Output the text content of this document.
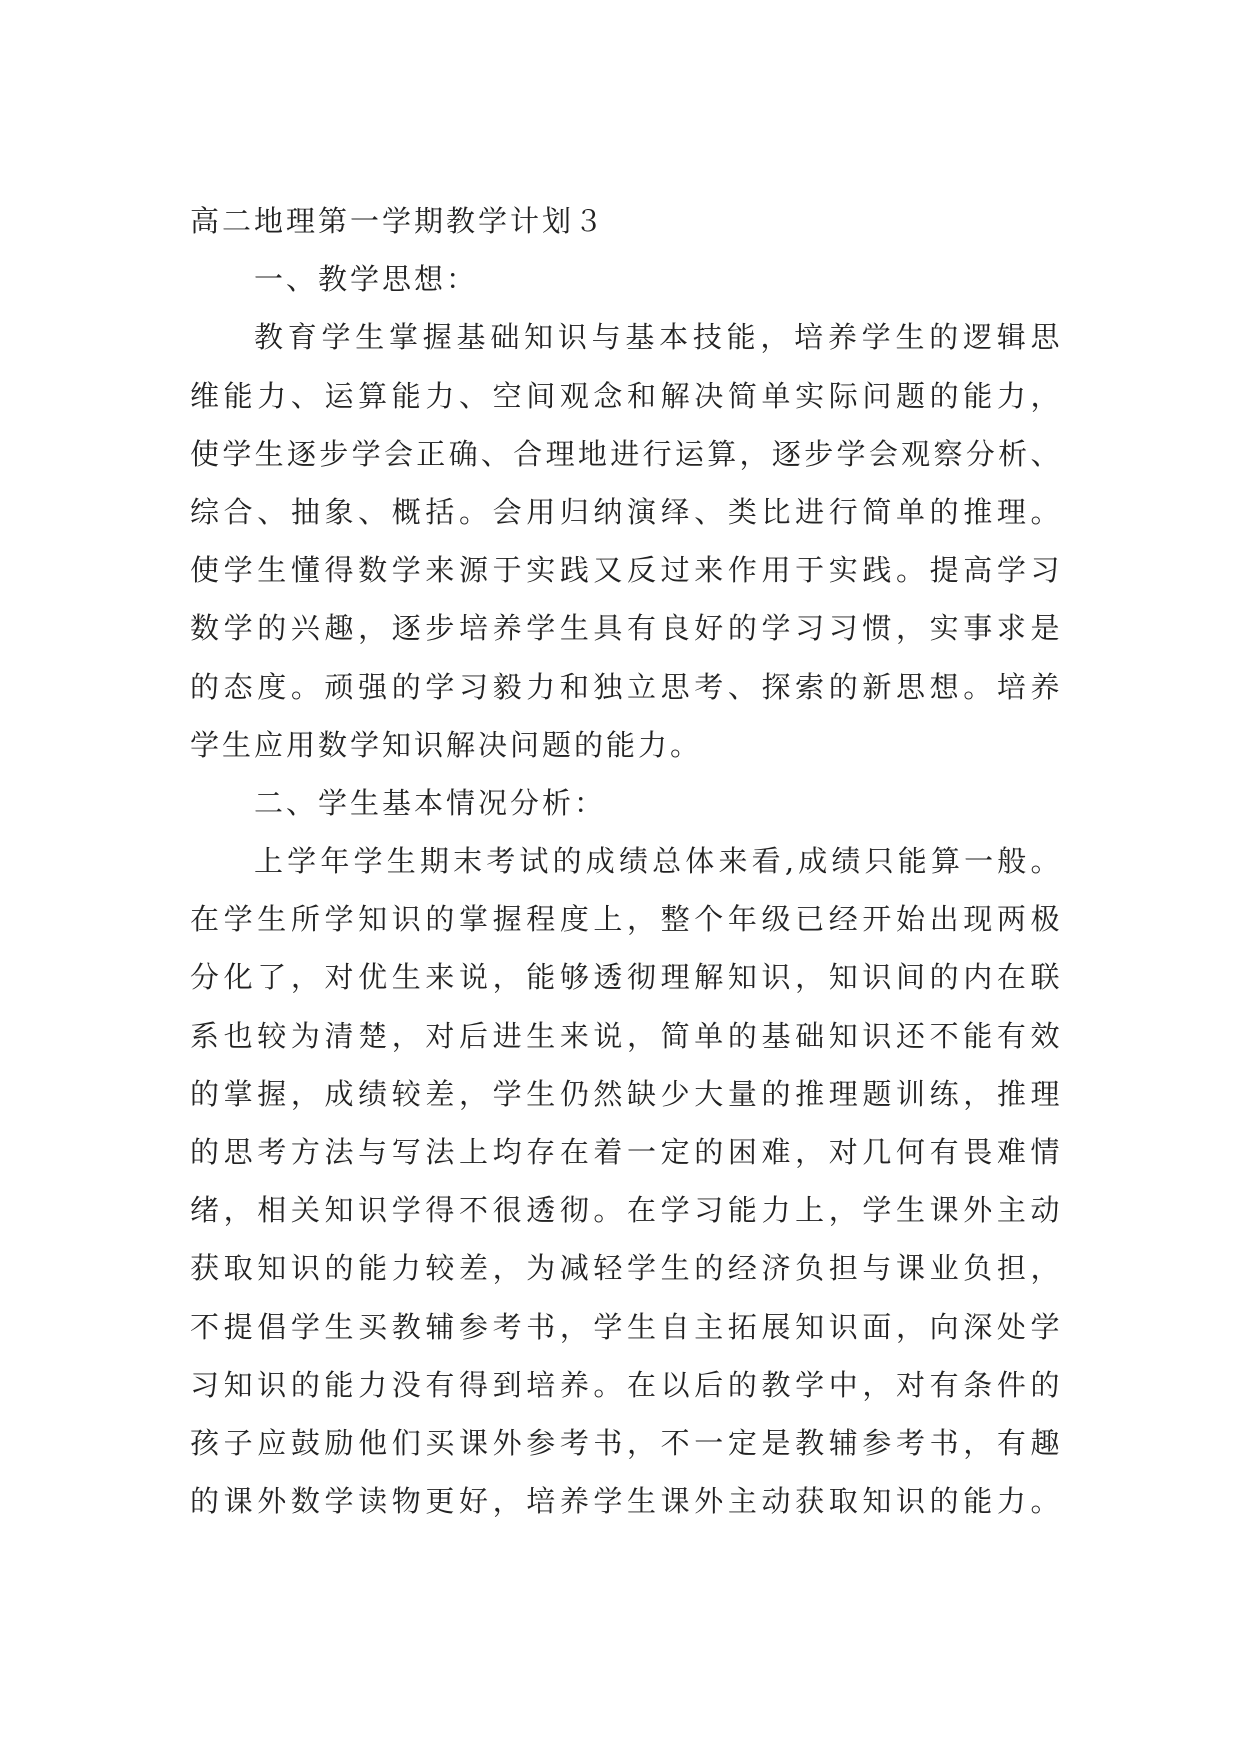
高二地理第一学期教学计划３
一、教学思想：
教育学生掌握基础知识与基本技能，培养学生的逻辑思
维能力、运算能力、空间观念和解决简单实际问题的能力，
使学生逐步学会正确、合理地进行运算，逐步学会观察分析、
综合、抽象、概括。会用归纳演绎、类比进行简单的推理。
使学生懂得数学来源于实践又反过来作用于实践。提高学习
数学的兴趣，逐步培养学生具有良好的学习习惯，实事求是
的态度。顽强的学习毅力和独立思考、探索的新思想。培养
学生应用数学知识解决问题的能力。
二、学生基本情况分析：
上学年学生期末考试的成绩总体来看,成绩只能算一般。
在学生所学知识的掌握程度上，整个年级已经开始出现两极
分化了，对优生来说，能够透彻理解知识，知识间的内在联
系也较为清楚，对后进生来说，简单的基础知识还不能有效
的掌握，成绩较差，学生仍然缺少大量的推理题训练，推理
的思考方法与写法上均存在着一定的困难，对几何有畏难情
绪，相关知识学得不很透彻。在学习能力上，学生课外主动
获取知识的能力较差，为减轻学生的经济负担与课业负担，
不提倡学生买教辅参考书，学生自主拓展知识面，向深处学
习知识的能力没有得到培养。在以后的教学中，对有条件的
孩子应鼓励他们买课外参考书，不一定是教辅参考书，有趣
的课外数学读物更好，培养学生课外主动获取知识的能力。
